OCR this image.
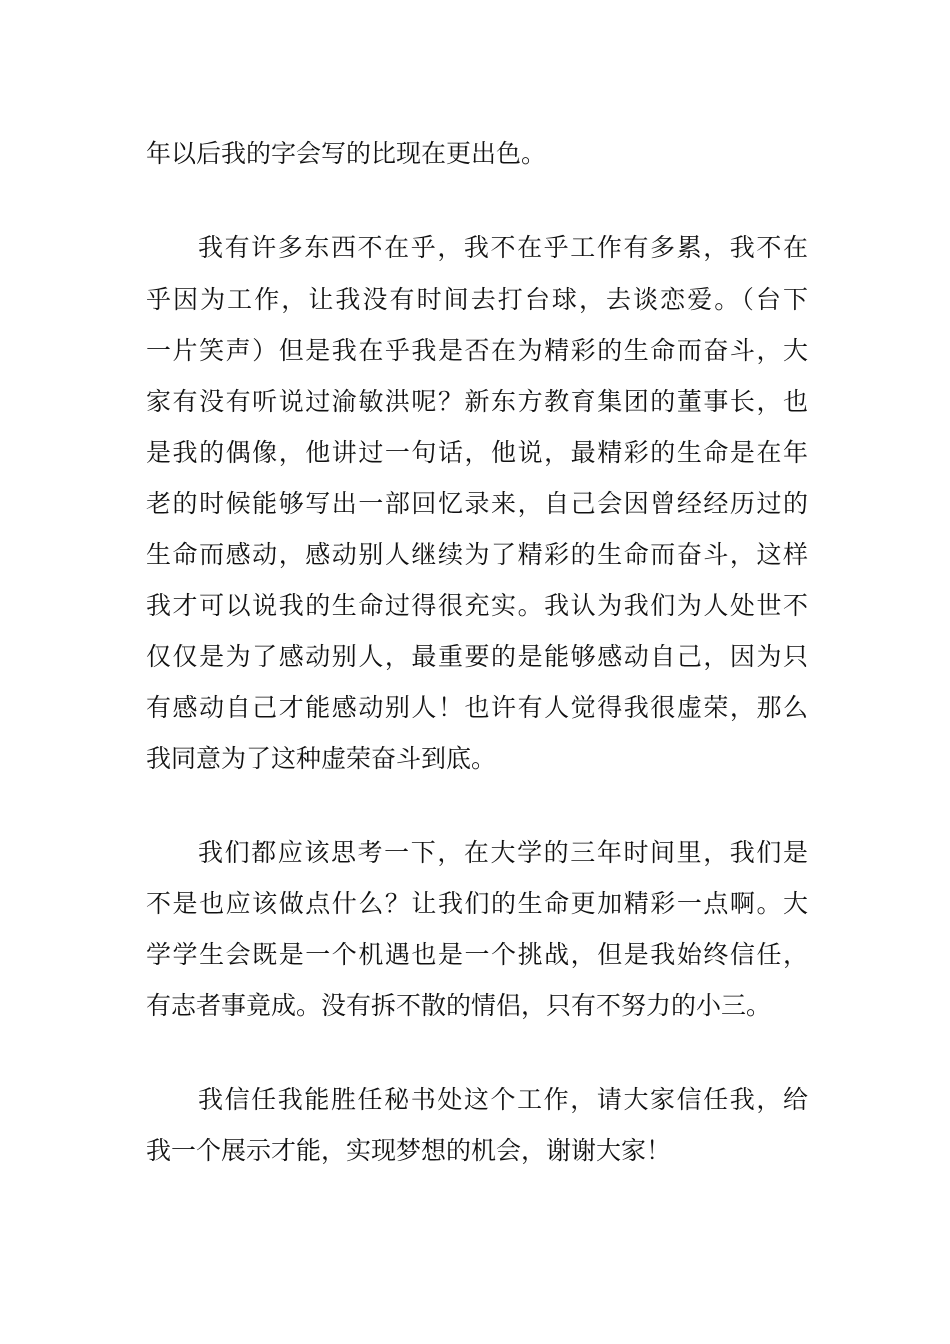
年以后我的字会写的比现在更出色。
我有许多东西不在乎，我不在乎工作有多累，我不在
乎因为工作，让我没有时间去打台球，去谈恋爱。（台下
一片笑声）但是我在乎我是否在为精彩的生命而奋斗，大
家有没有听说过渝敏洪呢？新东方教育集团的董事长，也
是我的偶像，他讲过一句话，他说，最精彩的生命是在年
老的时候能够写出一部回忆录来，自己会因曾经经历过的
生命而感动，感动别人继续为了精彩的生命而奋斗，这样
我才可以说我的生命过得很充实。我认为我们为人处世不
仅仅是为了感动别人，最重要的是能够感动自己，因为只
有感动自己才能感动别人！也许有人觉得我很虚荣，那么
我同意为了这种虚荣奋斗到底。
我们都应该思考一下，在大学的三年时间里，我们是
不是也应该做点什么？让我们的生命更加精彩一点啊。大
学学生会既是一个机遇也是一个挑战，但是我始终信任，
有志者事竟成。没有拆不散的情侣，只有不努力的小三。
我信任我能胜任秘书处这个工作，请大家信任我，给
我一个展示才能，实现梦想的机会，谢谢大家！
